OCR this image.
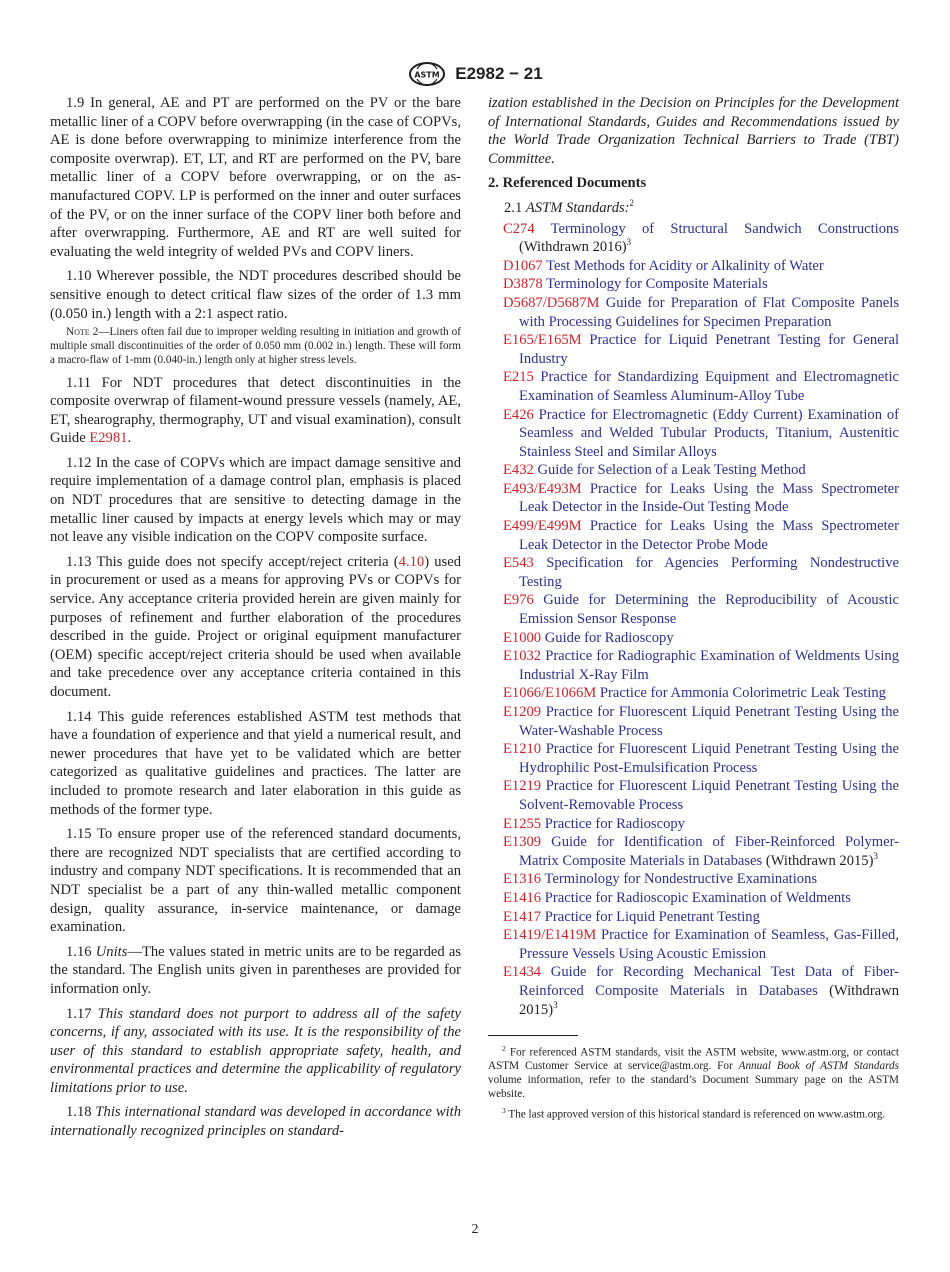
ASTM E2982 − 21

1.9 In general, AE and PT are performed on the PV or the bare metallic liner of a COPV before overwrapping (in the case of COPVs, AE is done before overwrapping to minimize interference from the composite overwrap). ET, LT, and RT are performed on the PV, bare metallic liner of a COPV before overwrapping, or on the as-manufactured COPV. LP is performed on the inner and outer surfaces of the PV, or on the inner surface of the COPV liner both before and after overwrapping. Furthermore, AE and RT are well suited for evaluating the weld integrity of welded PVs and COPV liners.

1.10 Wherever possible, the NDT procedures described should be sensitive enough to detect critical flaw sizes of the order of 1.3 mm (0.050 in.) length with a 2:1 aspect ratio.

Note 2—Liners often fail due to improper welding resulting in initiation and growth of multiple small discontinuities of the order of 0.050 mm (0.002 in.) length. These will form a macro-flaw of 1-mm (0.040-in.) length only at higher stress levels.

1.11 For NDT procedures that detect discontinuities in the composite overwrap of filament-wound pressure vessels (namely, AE, ET, shearography, thermography, UT and visual examination), consult Guide E2981.

1.12 In the case of COPVs which are impact damage sensitive and require implementation of a damage control plan, emphasis is placed on NDT procedures that are sensitive to detecting damage in the metallic liner caused by impacts at energy levels which may or may not leave any visible indication on the COPV composite surface.

1.13 This guide does not specify accept/reject criteria (4.10) used in procurement or used as a means for approving PVs or COPVs for service. Any acceptance criteria provided herein are given mainly for purposes of refinement and further elaboration of the procedures described in the guide. Project or original equipment manufacturer (OEM) specific accept/reject criteria should be used when available and take precedence over any acceptance criteria contained in this document.

1.14 This guide references established ASTM test methods that have a foundation of experience and that yield a numerical result, and newer procedures that have yet to be validated which are better categorized as qualitative guidelines and practices. The latter are included to promote research and later elaboration in this guide as methods of the former type.

1.15 To ensure proper use of the referenced standard documents, there are recognized NDT specialists that are certified according to industry and company NDT specifications. It is recommended that an NDT specialist be a part of any thin-walled metallic component design, quality assurance, in-service maintenance, or damage examination.

1.16 Units—The values stated in metric units are to be regarded as the standard. The English units given in parentheses are provided for information only.

1.17 This standard does not purport to address all of the safety concerns, if any, associated with its use. It is the responsibility of the user of this standard to establish appropriate safety, health, and environmental practices and determine the applicability of regulatory limitations prior to use.

1.18 This international standard was developed in accordance with internationally recognized principles on standard-

ization established in the Decision on Principles for the Development of International Standards, Guides and Recommendations issued by the World Trade Organization Technical Barriers to Trade (TBT) Committee.

2. Referenced Documents
2.1 ASTM Standards:$^2$
C274 Terminology of Structural Sandwich Constructions (Withdrawn 2016)$^3$
D1067 Test Methods for Acidity or Alkalinity of Water
D3878 Terminology for Composite Materials
D5687/D5687M Guide for Preparation of Flat Composite Panels with Processing Guidelines for Specimen Preparation
E165/E165M Practice for Liquid Penetrant Testing for General Industry
E215 Practice for Standardizing Equipment and Electromagnetic Examination of Seamless Aluminum-Alloy Tube
E426 Practice for Electromagnetic (Eddy Current) Examination of Seamless and Welded Tubular Products, Titanium, Austenitic Stainless Steel and Similar Alloys
E432 Guide for Selection of a Leak Testing Method
E493/E493M Practice for Leaks Using the Mass Spectrometer Leak Detector in the Inside-Out Testing Mode
E499/E499M Practice for Leaks Using the Mass Spectrometer Leak Detector in the Detector Probe Mode
E543 Specification for Agencies Performing Nondestructive Testing
E976 Guide for Determining the Reproducibility of Acoustic Emission Sensor Response
E1000 Guide for Radioscopy
E1032 Practice for Radiographic Examination of Weldments Using Industrial X-Ray Film
E1066/E1066M Practice for Ammonia Colorimetric Leak Testing
E1209 Practice for Fluorescent Liquid Penetrant Testing Using the Water-Washable Process
E1210 Practice for Fluorescent Liquid Penetrant Testing Using the Hydrophilic Post-Emulsification Process
E1219 Practice for Fluorescent Liquid Penetrant Testing Using the Solvent-Removable Process
E1255 Practice for Radioscopy
E1309 Guide for Identification of Fiber-Reinforced Polymer-Matrix Composite Materials in Databases (Withdrawn 2015)$^3$
E1316 Terminology for Nondestructive Examinations
E1416 Practice for Radioscopic Examination of Weldments
E1417 Practice for Liquid Penetrant Testing
E1419/E1419M Practice for Examination of Seamless, Gas-Filled, Pressure Vessels Using Acoustic Emission
E1434 Guide for Recording Mechanical Test Data of Fiber-Reinforced Composite Materials in Databases (Withdrawn 2015)$^3$
$^2$ For referenced ASTM standards, visit the ASTM website, www.astm.org, or contact ASTM Customer Service at service@astm.org. For Annual Book of ASTM Standards volume information, refer to the standard’s Document Summary page on the ASTM website.
$^3$ The last approved version of this historical standard is referenced on www.astm.org.
2
